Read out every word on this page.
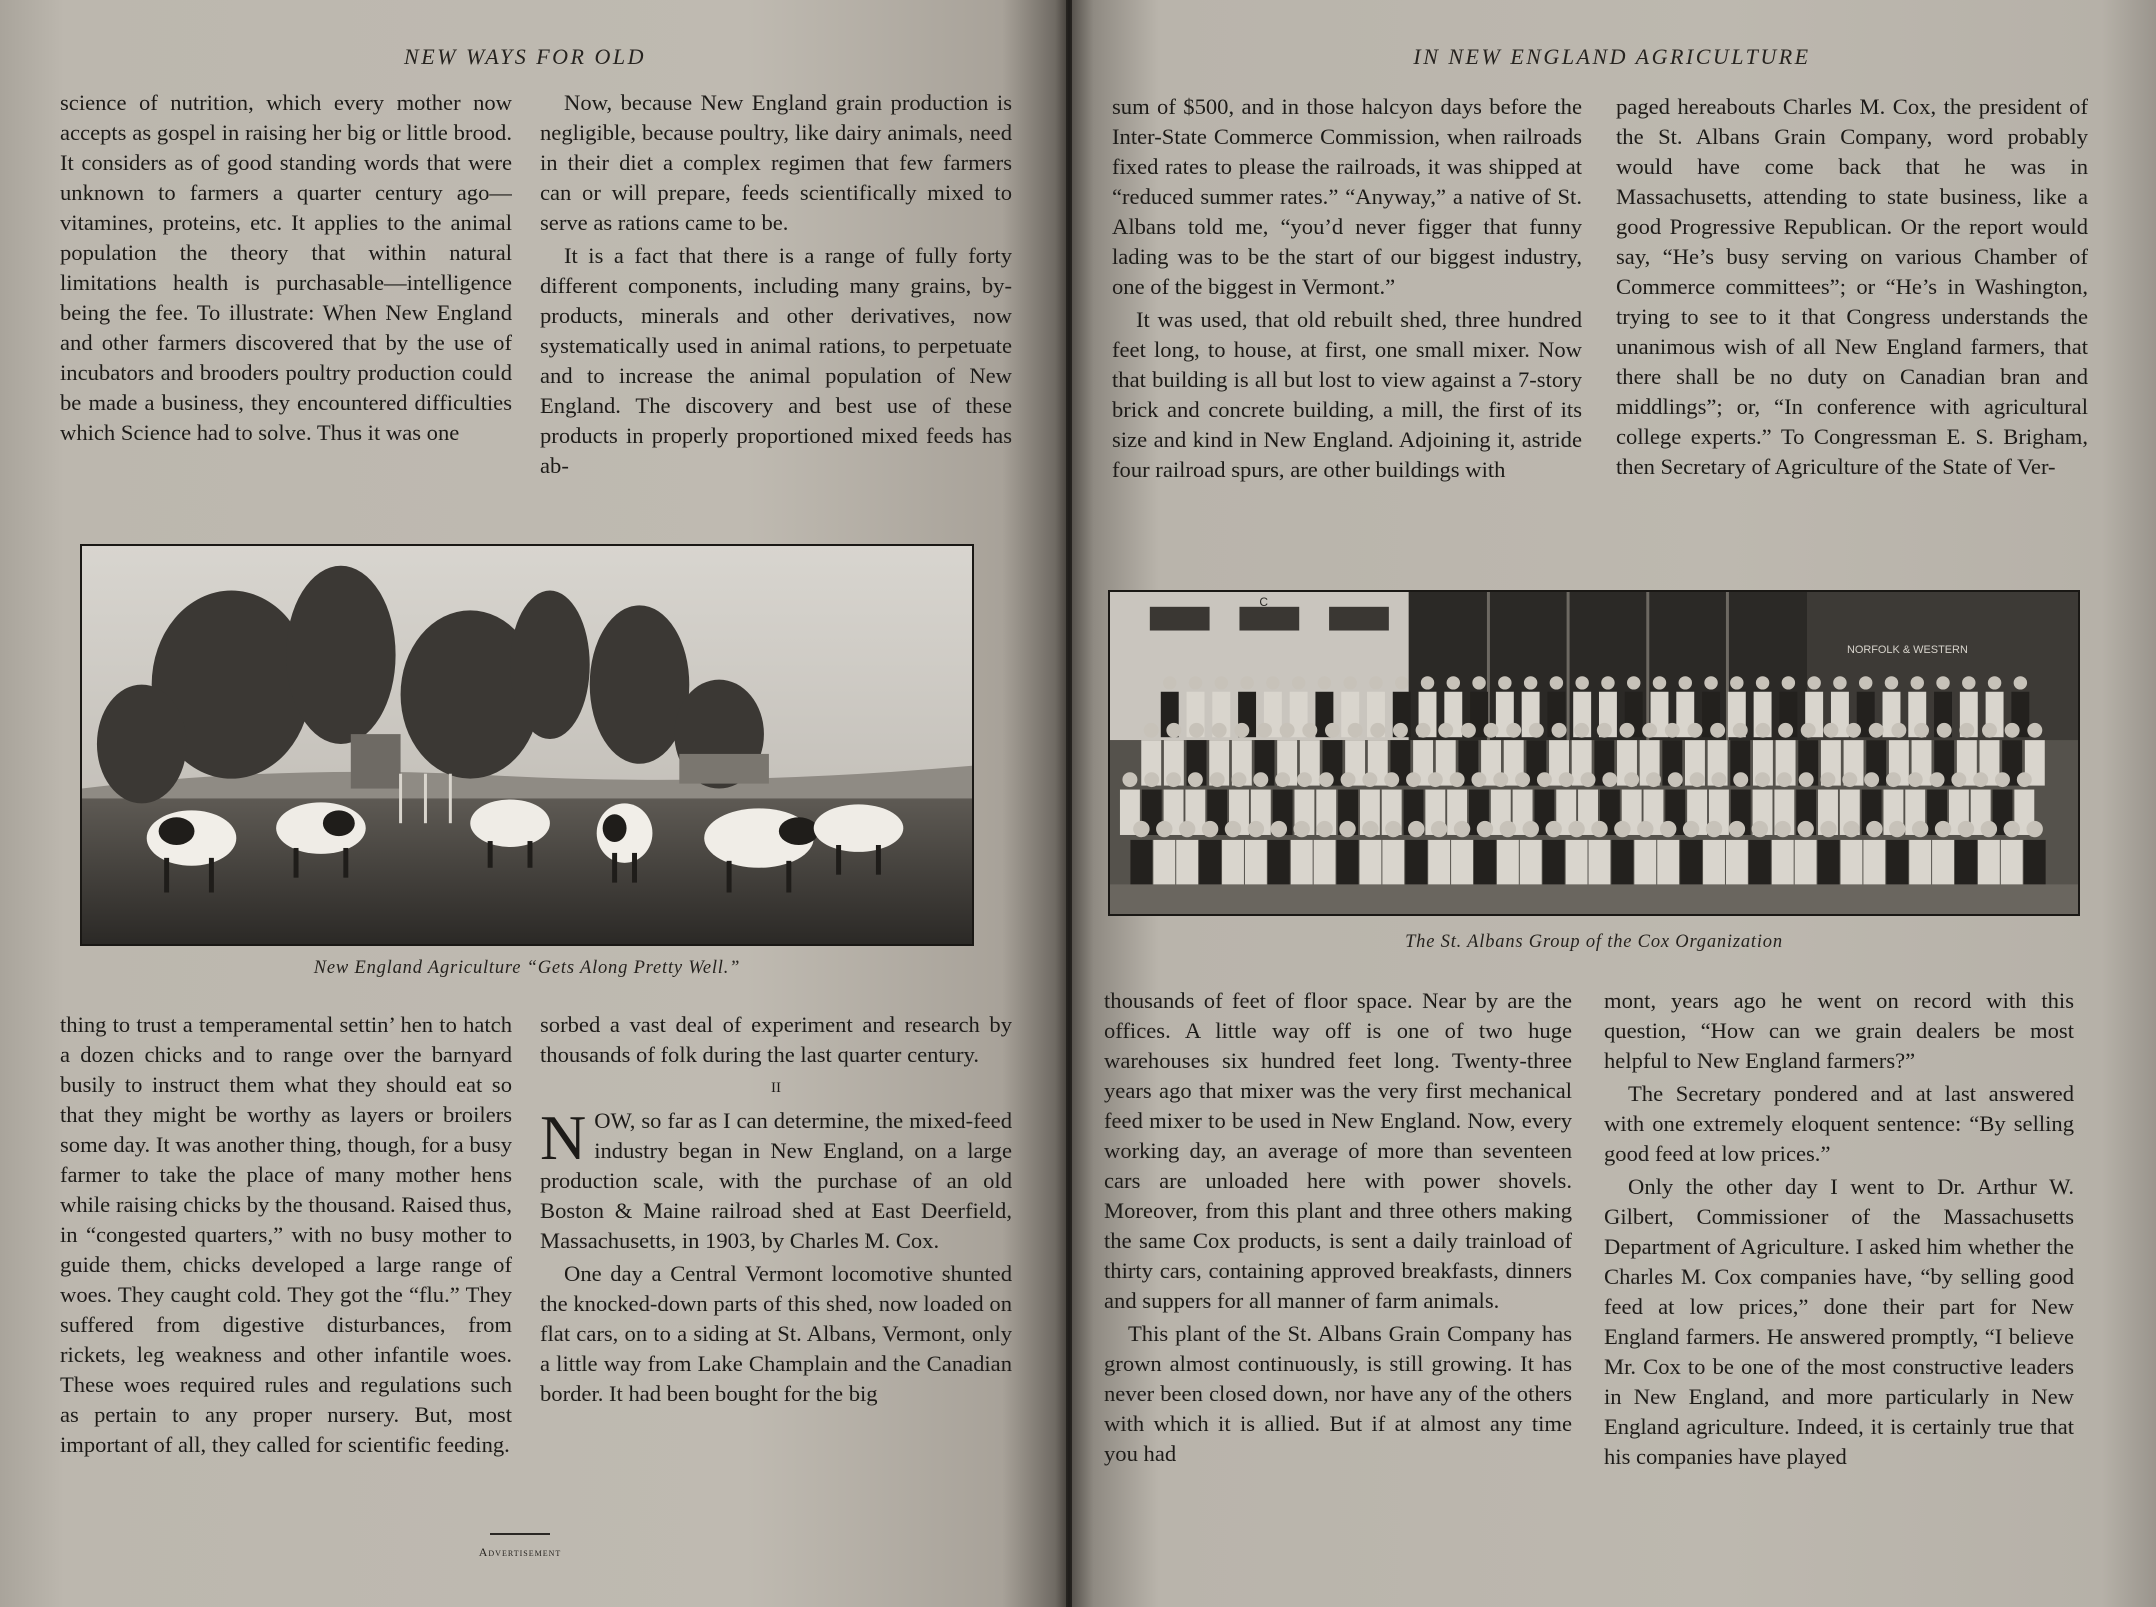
NEW WAYS FOR OLD

science of nutrition, which every mother now accepts as gospel in raising her big or little brood. It considers as of good standing words that were unknown to farmers a quarter century ago—vitamines, proteins, etc. It applies to the animal population the theory that within natural limitations health is purchasable—intelligence being the fee. To illustrate: When New England and other farmers discovered that by the use of incubators and brooders poultry production could be made a business, they encountered difficulties which Science had to solve. Thus it was one

Now, because New England grain production is negligible, because poultry, like dairy animals, need in their diet a complex regimen that few farmers can or will prepare, feeds scientifically mixed to serve as rations came to be.

It is a fact that there is a range of fully forty different components, including many grains, by-products, minerals and other derivatives, now systematically used in animal rations, to perpetuate and to increase the animal population of New England. The discovery and best use of these products in properly proportioned mixed feeds has ab-

New England Agriculture “Gets Along Pretty Well.”

thing to trust a temperamental settin’ hen to hatch a dozen chicks and to range over the barnyard busily to instruct them what they should eat so that they might be worthy as layers or broilers some day. It was another thing, though, for a busy farmer to take the place of many mother hens while raising chicks by the thousand. Raised thus, in “congested quarters,” with no busy mother to guide them, chicks developed a large range of woes. They caught cold. They got the “flu.” They suffered from digestive disturbances, from rickets, leg weakness and other infantile woes. These woes required rules and regulations such as pertain to any proper nursery. But, most important of all, they called for scientific feeding.

sorbed a vast deal of experiment and research by thousands of folk during the last quarter century.

II

NOW, so far as I can determine, the mixed-feed industry began in New England, on a large production scale, with the purchase of an old Boston & Maine railroad shed at East Deerfield, Massachusetts, in 1903, by Charles M. Cox.

One day a Central Vermont locomotive shunted the knocked-down parts of this shed, now loaded on flat cars, on to a siding at St. Albans, Vermont, only a little way from Lake Champlain and the Canadian border. It had been bought for the big

Advertisement
IN NEW ENGLAND AGRICULTURE

sum of $500, and in those halcyon days before the Inter-State Commerce Commission, when railroads fixed rates to please the railroads, it was shipped at “reduced summer rates.” “Anyway,” a native of St. Albans told me, “you’d never figger that funny lading was to be the start of our biggest industry, one of the biggest in Vermont.”

It was used, that old rebuilt shed, three hundred feet long, to house, at first, one small mixer. Now that building is all but lost to view against a 7-story brick and concrete building, a mill, the first of its size and kind in New England. Adjoining it, astride four railroad spurs, are other buildings with

paged hereabouts Charles M. Cox, the president of the St. Albans Grain Company, word probably would have come back that he was in Massachusetts, attending to state business, like a good Progressive Republican. Or the report would say, “He’s busy serving on various Chamber of Commerce committees”; or “He’s in Washington, trying to see to it that Congress understands the unanimous wish of all New England farmers, that there shall be no duty on Canadian bran and middlings”; or, “In conference with agricultural college experts.” To Congressman E. S. Brigham, then Secretary of Agriculture of the State of Ver-

NORFOLK & WESTERN
C
The St. Albans Group of the Cox Organization

thousands of feet of floor space. Near by are the offices. A little way off is one of two huge warehouses six hundred feet long. Twenty-three years ago that mixer was the very first mechanical feed mixer to be used in New England. Now, every working day, an average of more than seventeen cars are unloaded here with power shovels. Moreover, from this plant and three others making the same Cox products, is sent a daily trainload of thirty cars, containing approved breakfasts, dinners and suppers for all manner of farm animals.

This plant of the St. Albans Grain Company has grown almost continuously, is still growing. It has never been closed down, nor have any of the others with which it is allied. But if at almost any time you had

mont, years ago he went on record with this question, “How can we grain dealers be most helpful to New England farmers?”

The Secretary pondered and at last answered with one extremely eloquent sentence: “By selling good feed at low prices.”

Only the other day I went to Dr. Arthur W. Gilbert, Commissioner of the Massachusetts Department of Agriculture. I asked him whether the Charles M. Cox companies have, “by selling good feed at low prices,” done their part for New England farmers. He answered promptly, “I believe Mr. Cox to be one of the most constructive leaders in New England, and more particularly in New England agriculture. Indeed, it is certainly true that his companies have played
